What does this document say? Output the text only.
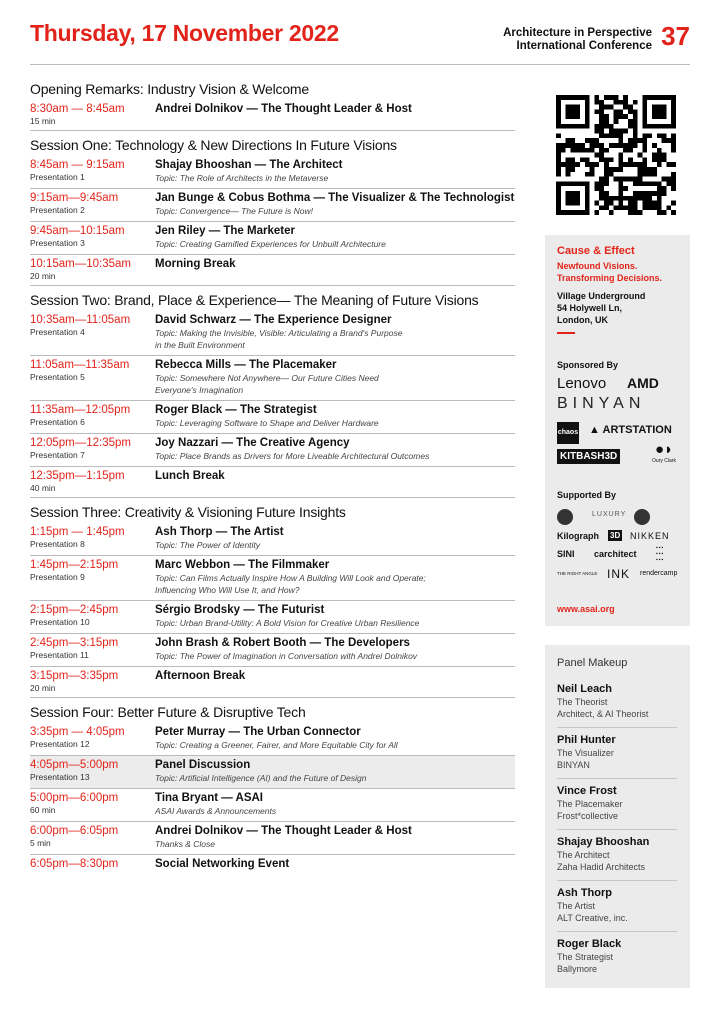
Thursday, 17 November 2022	Architecture in Perspective
International Conference 37
Opening Remarks: Industry Vision & Welcome
8:30am — 8:45am	Andrei Dolnikov — The Thought Leader & Host
15 min
Session One: Technology & New Directions In Future Visions
8:45am — 9:15am	Shajay Bhooshan — The Architect
Presentation 1	Topic: The Role of Architects in the Metaverse
9:15am—9:45am	Jan Bunge & Cobus Bothma — The Visualizer & The Technologist
Presentation 2	Topic: Convergence— The Future is Now!
9:45am—10:15am	Jen Riley — The Marketer
Presentation 3	Topic: Creating Gamified Experiences for Unbuilt Architecture
10:15am—10:35am	Morning Break
20 min
Session Two: Brand, Place & Experience— The Meaning of Future Visions
10:35am—11:05am	David Schwarz — The Experience Designer
Presentation 4	Topic: Making the Invisible, Visible: Articulating a Brand's Purpose
in the Built Environment
11:05am—11:35am	Rebecca Mills — The Placemaker
Presentation 5	Topic: Somewhere Not Anywhere— Our Future Cities Need
Everyone's Imagination
11:35am—12:05pm	Roger Black — The Strategist
Presentation 6	Topic: Leveraging Software to Shape and Deliver Hardware
12:05pm—12:35pm	Joy Nazzari — The Creative Agency
Presentation 7	Topic: Place Brands as Drivers for More Liveable Architectural Outcomes
12:35pm—1:15pm	Lunch Break
40 min
Session Three: Creativity & Visioning Future Insights
1:15pm — 1:45pm	Ash Thorp — The Artist
Presentation 8	Topic: The Power of Identity
1:45pm—2:15pm	Marc Webbon — The Filmmaker
Presentation 9	Topic: Can Films Actually Inspire How A Building Will Look and Operate;
Influencing Who Will Use It, and How?
2:15pm—2:45pm	Sérgio Brodsky — The Futurist
Presentation 10	Topic: Urban Brand-Utility: A Bold Vision for Creative Urban Resilience
2:45pm—3:15pm	John Brash & Robert Booth — The Developers
Presentation 11	Topic: The Power of Imagination in Conversation with Andrei Dolnikov
3:15pm—3:35pm	Afternoon Break
20 min
Session Four: Better Future & Disruptive Tech
3:35pm — 4:05pm	Peter Murray — The Urban Connector
Presentation 12	Topic: Creating a Greener, Fairer, and More Equitable City for All
4:05pm—5:00pm	Panel Discussion
Presentation 13	Topic: Artificial Intelligence (AI) and the Future of Design
5:00pm—6:00pm	Tina Bryant — ASAI
60 min	ASAI Awards & Announcements
6:00pm—6:05pm	Andrei Dolnikov — The Thought Leader & Host
5 min	Thanks & Close
6:05pm—8:30pm	Social Networking Event
Cause & Effect
Newfound Visions.
Transforming Decisions.
Village Underground
54 Holywell Ln,
London, UK
Sponsored By
Lenovo AMD
BINYAN
chaos ▲ ARTSTATION
KITBASH3D	●◗
Oury Clark
Supported By
LUXURY
Kilograph 3D NIKKEN
SINI carchitect
▪▪▪
▪▪▪
▪▪▪
THE RIGHT ANGLE INK rendercamp
www.asai.org
Panel Makeup
Neil Leach
The Theorist
Architect, & AI Theorist
Phil Hunter
The Visualizer
BINYAN
Vince Frost
The Placemaker
Frost*collective
Shajay Bhooshan
The Architect
Zaha Hadid Architects
Ash Thorp
The Artist
ALT Creative, inc.
Roger Black
The Strategist
Ballymore
